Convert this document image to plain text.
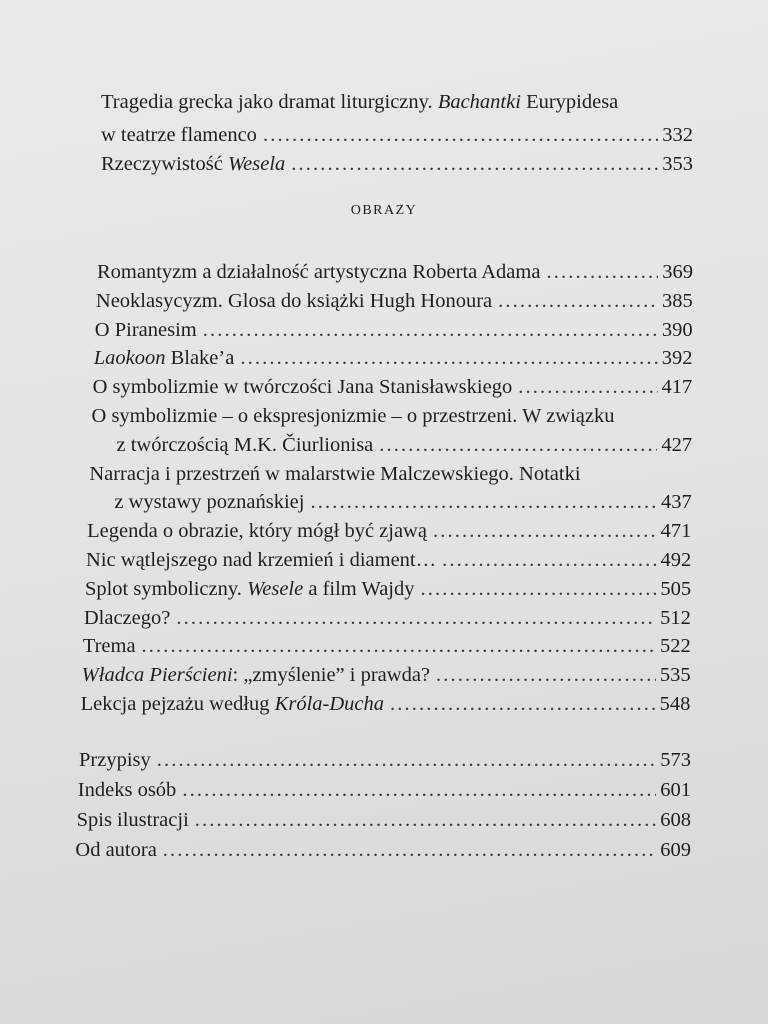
Tragedia grecka jako dramat liturgiczny. Bachantki Eurypidesa
w teatrze flamenco . . .	332
Rzeczywistość Wesela . . .	353
OBRAZY
Romantyzm a działalność artystyczna Roberta Adama . . .	369
Neoklasycyzm. Glosa do książki Hugh Honoura . . .	385
O Piranesim . . .	390
Laokoon Blake’a . . .	392
O symbolizmie w twórczości Jana Stanisławskiego . . .	417
O symbolizmie – o ekspresjonizmie – o przestrzeni. W związku
z twórczością M.K. Čiurlionisa . . .	427
Narracja i przestrzeń w malarstwie Malczewskiego. Notatki
z wystawy poznańskiej . . .	437
Legenda o obrazie, który mógł być zjawą . . .	471
Nic wątlejszego nad krzemień i diament… . . .	492
Splot symboliczny. Wesele a film Wajdy . . .	505
Dlaczego? . . .	512
Trema . . .	522
Władca Pierścieni: „zmyślenie” i prawda? . . .	535
Lekcja pejzażu według Króla-Ducha . . .	548
Przypisy . . .	573
Indeks osób . . .	601
Spis ilustracji . . .	608
Od autora . . .	609
